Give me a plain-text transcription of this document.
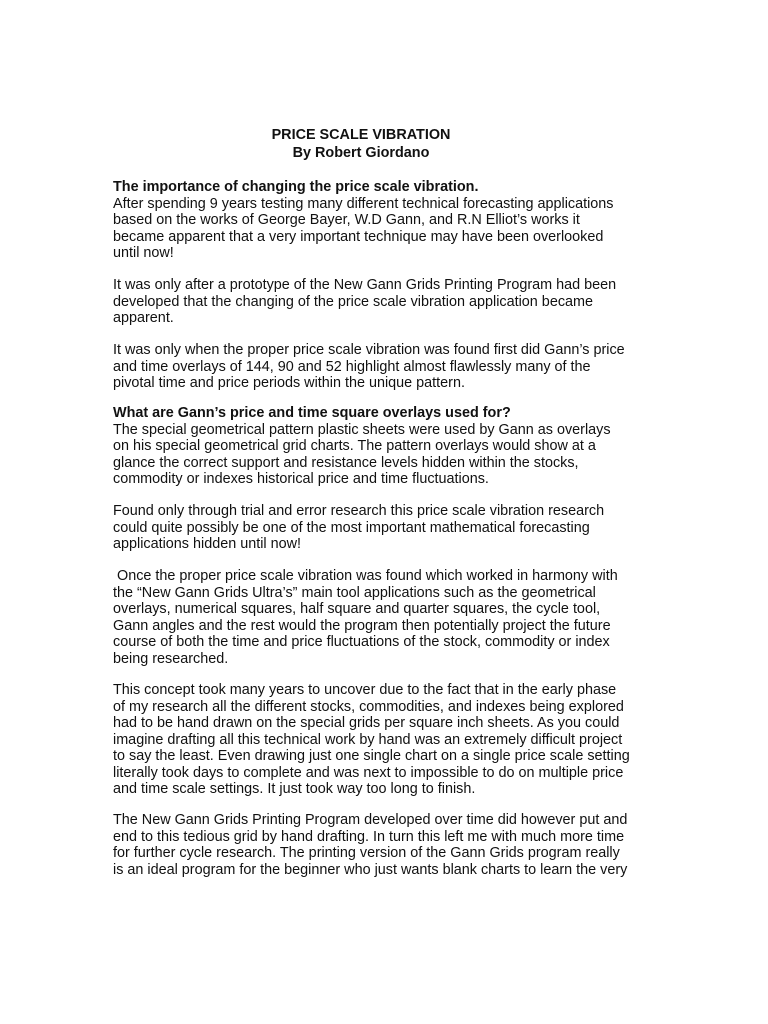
PRICE SCALE VIBRATION
By Robert Giordano

The importance of changing the price scale vibration.
After spending 9 years testing many different technical forecasting applications
based on the works of George Bayer, W.D Gann, and R.N Elliot’s works it
became apparent that a very important technique may have been overlooked
until now!

It was only after a prototype of the New Gann Grids Printing Program had been
developed that the changing of the price scale vibration application became
apparent.

It was only when the proper price scale vibration was found first did Gann’s price
and time overlays of 144, 90 and 52 highlight almost flawlessly many of the
pivotal time and price periods within the unique pattern.

What are Gann’s price and time square overlays used for?
The special geometrical pattern plastic sheets were used by Gann as overlays
on his special geometrical grid charts. The pattern overlays would show at a
glance the correct support and resistance levels hidden within the stocks,
commodity or indexes historical price and time fluctuations.

Found only through trial and error research this price scale vibration research
could quite possibly be one of the most important mathematical forecasting
applications hidden until now!

Once the proper price scale vibration was found which worked in harmony with
the “New Gann Grids Ultra’s” main tool applications such as the geometrical
overlays, numerical squares, half square and quarter squares, the cycle tool,
Gann angles and the rest would the program then potentially project the future
course of both the time and price fluctuations of the stock, commodity or index
being researched.

This concept took many years to uncover due to the fact that in the early phase
of my research all the different stocks, commodities, and indexes being explored
had to be hand drawn on the special grids per square inch sheets. As you could
imagine drafting all this technical work by hand was an extremely difficult project
to say the least. Even drawing just one single chart on a single price scale setting
literally took days to complete and was next to impossible to do on multiple price
and time scale settings. It just took way too long to finish.

The New Gann Grids Printing Program developed over time did however put and
end to this tedious grid by hand drafting. In turn this left me with much more time
for further cycle research. The printing version of the Gann Grids program really
is an ideal program for the beginner who just wants blank charts to learn the very
